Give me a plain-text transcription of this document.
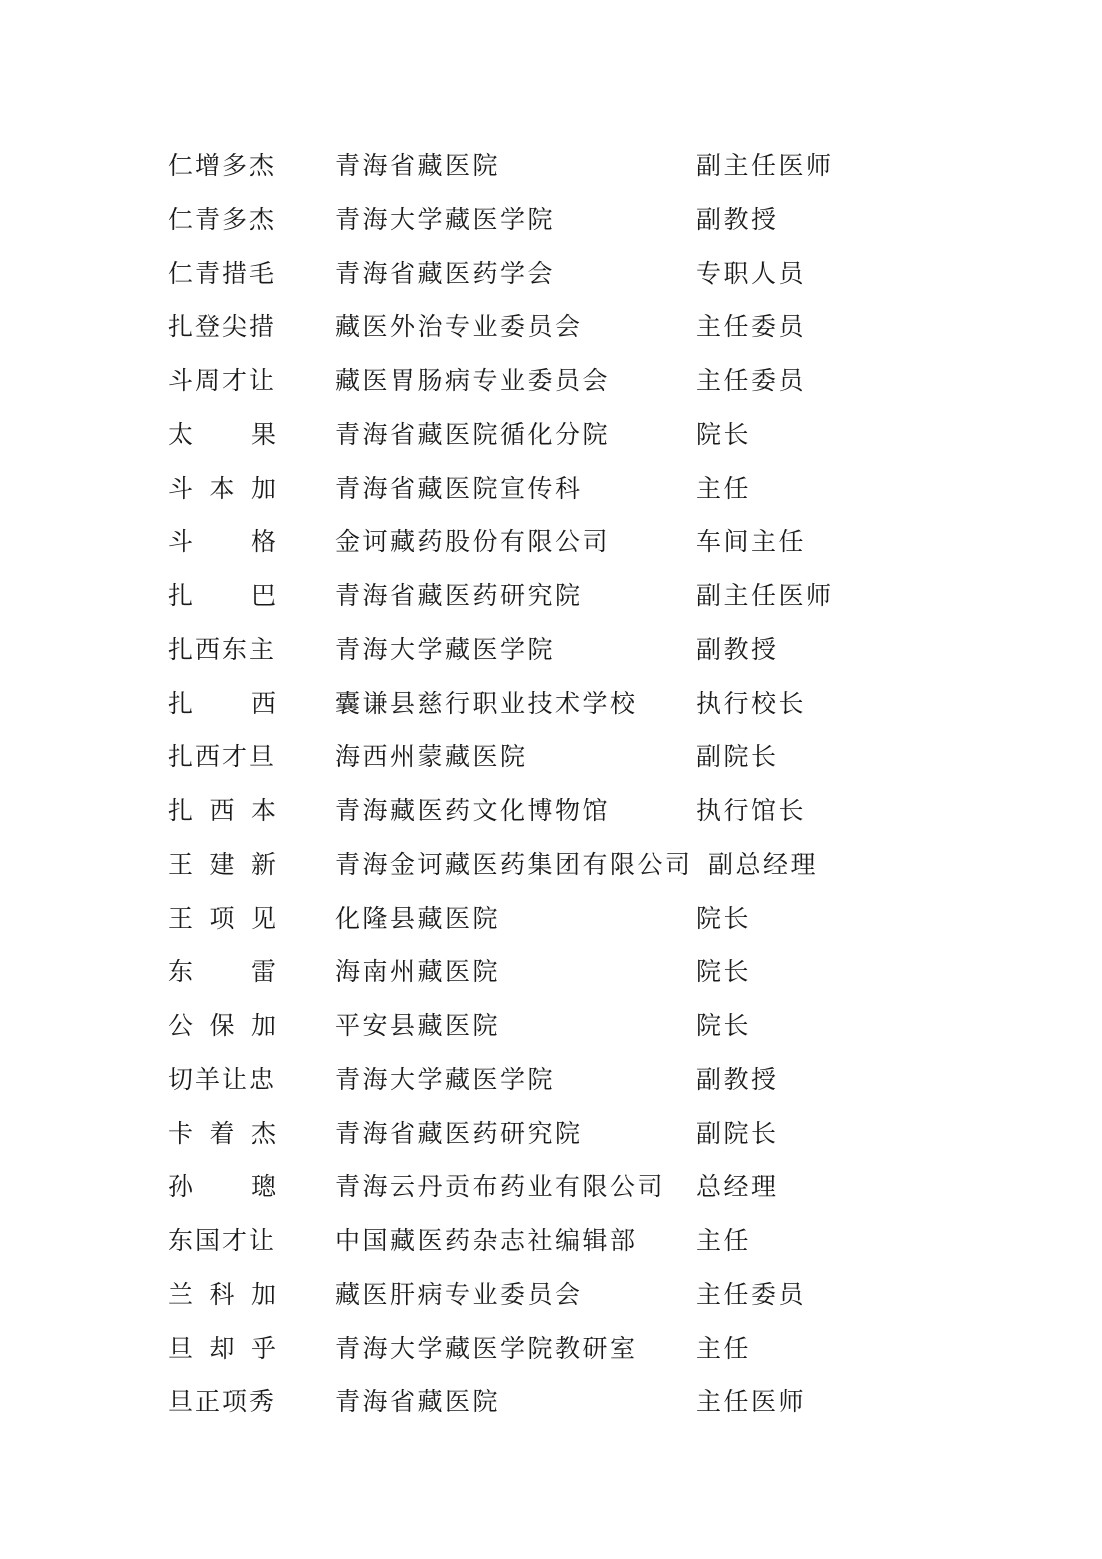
仁 增 多 杰 青海省藏医院	副主任医师
仁 青 多 杰 青海大学藏医学院	副教授
仁 青 措 毛 青海省藏医药学会	专职人员
扎 登 尖 措 藏医外治专业委员会	主任委员
斗 周 才 让 藏医胃肠病专业委员会	主任委员
太 果 青海省藏医院循化分院	院长
斗 本 加 青海省藏医院宣传科	主任
斗 格 金诃藏药股份有限公司	车间主任
扎 巴 青海省藏医药研究院	副主任医师
扎 西 东 主 青海大学藏医学院	副教授
扎 西 囊谦县慈行职业技术学校 执行校长
扎 西 才 旦 海西州蒙藏医院	副院长
扎 西 本 青海藏医药文化博物馆	执行馆长
王 建 新 青海金诃藏医药集团有限公司 副总经理
王 项 见 化隆县藏医院	院长
东 雷 海南州藏医院	院长
公 保 加 平安县藏医院	院长
切 羊 让 忠 青海大学藏医学院	副教授
卡 着 杰 青海省藏医药研究院	副院长
孙 璁 青海云丹贡布药业有限公司 总经理
东 国 才 让 中国藏医药杂志社编辑部 主任
兰 科 加 藏医肝病专业委员会	主任委员
旦 却 乎 青海大学藏医学院教研室 主任
旦 正 项 秀 青海省藏医院	主任医师
